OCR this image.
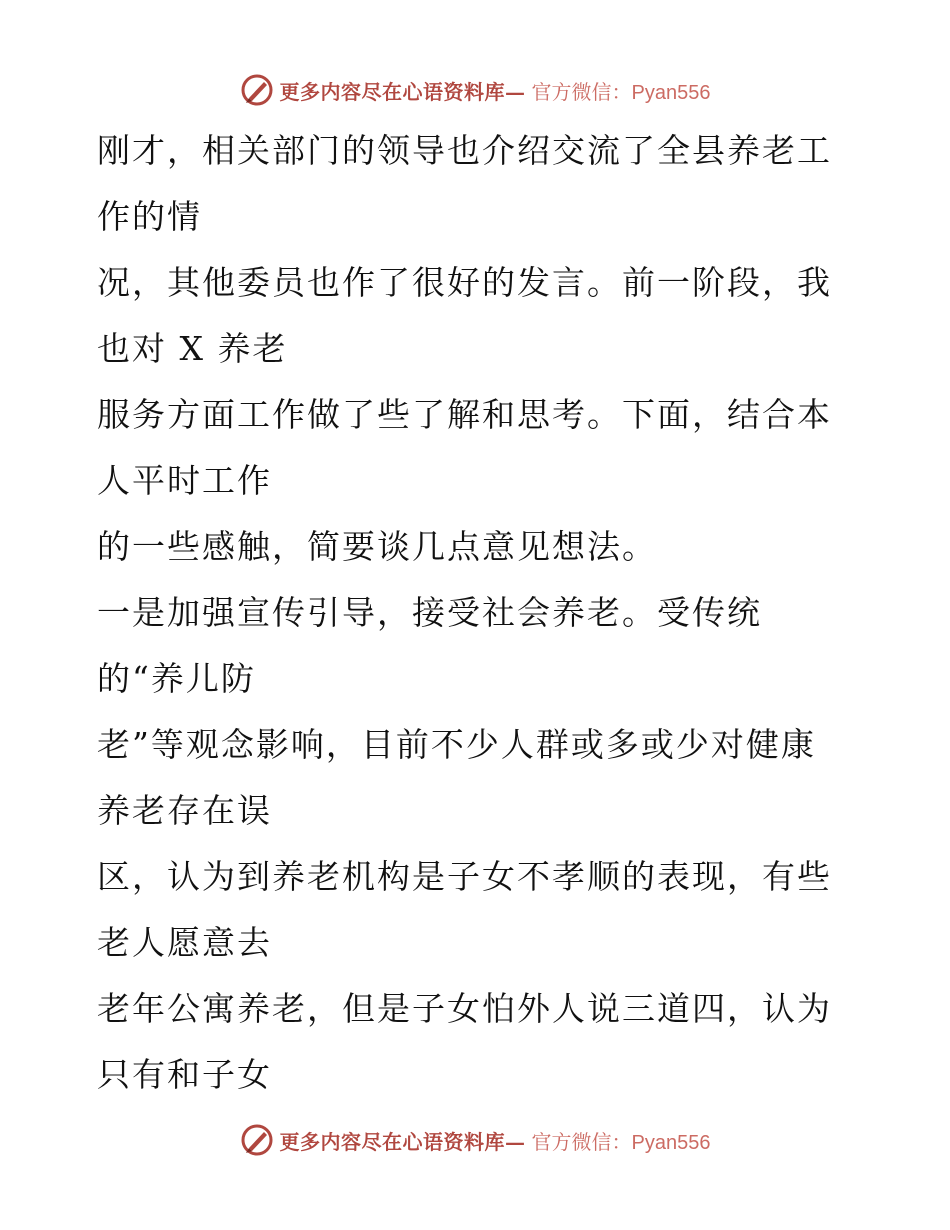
更多内容尽在心语资料库— 官方微信：Pyan556
刚才，相关部门的领导也介绍交流了全县养老工
作的情
况，其他委员也作了很好的发言。前一阶段，我
也对 X 养老
服务方面工作做了些了解和思考。下面，结合本
人平时工作
的一些感触，简要谈几点意见想法。
一是加强宣传引导，接受社会养老。受传统
的“养儿防
老”等观念影响，目前不少人群或多或少对健康
养老存在误
区，认为到养老机构是子女不孝顺的表现，有些
老人愿意去
老年公寓养老，但是子女怕外人说三道四，认为
只有和子女
更多内容尽在心语资料库— 官方微信：Pyan556
